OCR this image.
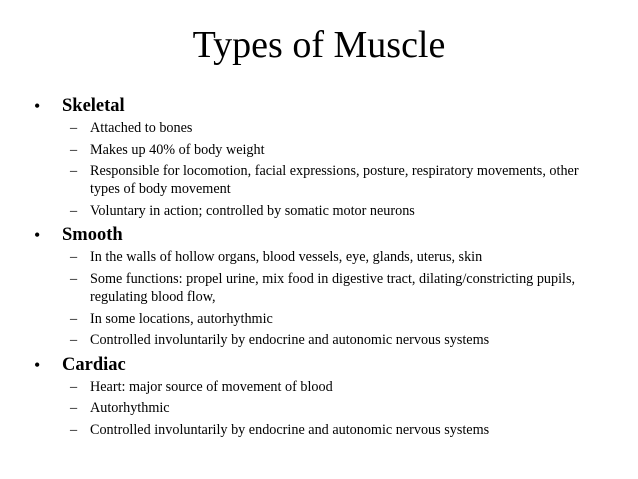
Types of Muscle
• Skeletal
– Attached to bones
– Makes up 40% of body weight
– Responsible for locomotion, facial expressions, posture, respiratory movements, other types of body movement
– Voluntary in action; controlled by somatic motor neurons
• Smooth
– In the walls of hollow organs, blood vessels, eye, glands, uterus, skin
– Some functions: propel urine, mix food in digestive tract, dilating/constricting pupils, regulating blood flow,
– In some locations, autorhythmic
– Controlled involuntarily by endocrine and autonomic nervous systems
• Cardiac
– Heart: major source of movement of blood
– Autorhythmic
– Controlled involuntarily by endocrine and autonomic nervous systems
